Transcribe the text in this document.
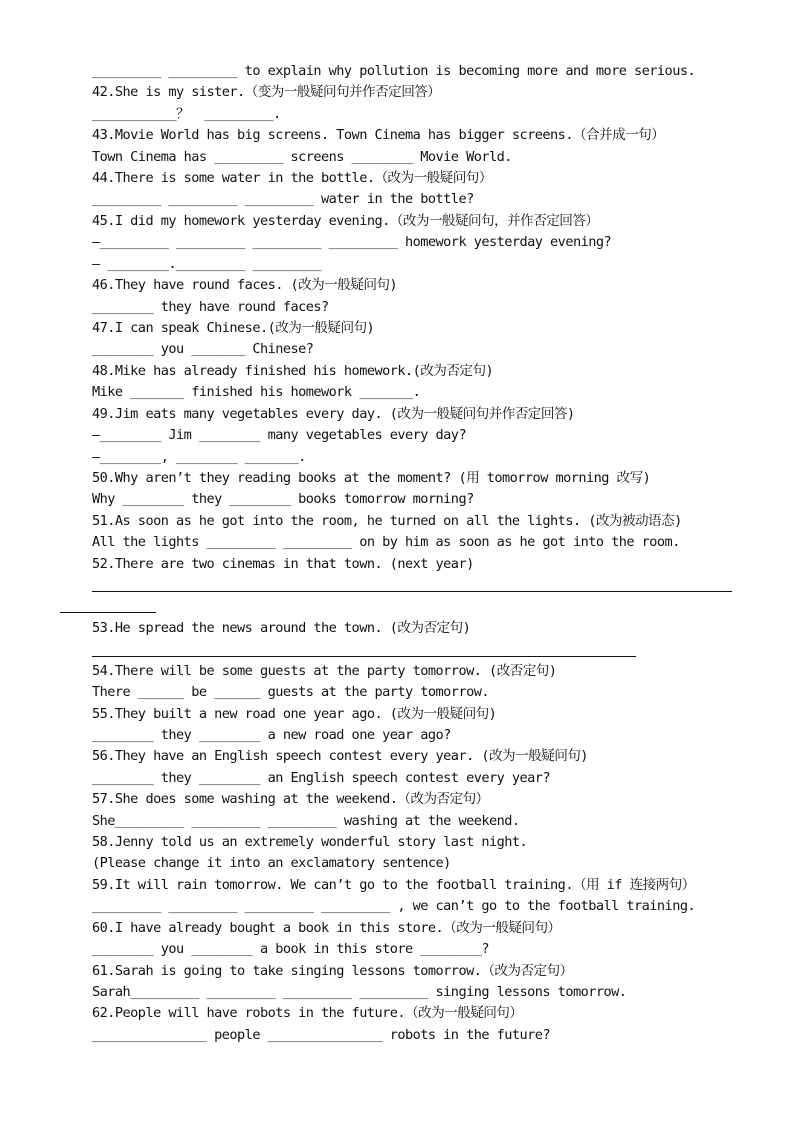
_________ _________ to explain why pollution is becoming more and more serious.
42.She is my sister.（变为一般疑问句并作否定回答）
___________？  _________.
43.Movie World has big screens. Town Cinema has bigger screens.（合并成一句）
Town Cinema has _________ screens ________ Movie World.
44.There is some water in the bottle.（改为一般疑问句）
_________ _________ _________ water in the bottle?
45.I did my homework yesterday evening.（改为一般疑问句，并作否定回答）
—_________ _________ _________ _________ homework yesterday evening?
— ________._________ _________
46.They have round faces. (改为一般疑问句)
________ they have round faces?
47.I can speak Chinese.(改为一般疑问句)
________ you _______ Chinese?
48.Mike has already finished his homework.(改为否定句)
Mike _______ finished his homework _______.
49.Jim eats many vegetables every day. (改为一般疑问句并作否定回答)
—________ Jim ________ many vegetables every day?
—________, ________ _______.
50.Why aren’t they reading books at the moment? (用 tomorrow morning 改写)
Why ________ they ________ books tomorrow morning?
51.As soon as he got into the room, he turned on all the lights. (改为被动语态)
All the lights _________ _________ on by him as soon as he got into the room.
52.There are two cinemas in that town. (next year)
53.He spread the news around the town. (改为否定句)
54.There will be some guests at the party tomorrow. (改否定句)
There ______ be ______ guests at the party tomorrow.
55.They built a new road one year ago. (改为一般疑问句)
________ they ________ a new road one year ago?
56.They have an English speech contest every year. (改为一般疑问句)
________ they ________ an English speech contest every year?
57.She does some washing at the weekend.（改为否定句）
She_________ _________ _________ washing at the weekend.
58.Jenny told us an extremely wonderful story last night.
(Please change it into an exclamatory sentence)
59.It will rain tomorrow. We can’t go to the football training.（用 if 连接两句）
_________ _________ _________ _________ , we can’t go to the football training.
60.I have already bought a book in this store.（改为一般疑问句）
________ you ________ a book in this store ________?
61.Sarah is going to take singing lessons tomorrow.（改为否定句）
Sarah_________ _________ _________ _________ singing lessons tomorrow.
62.People will have robots in the future.（改为一般疑问句）
_______________ people _______________ robots in the future?
